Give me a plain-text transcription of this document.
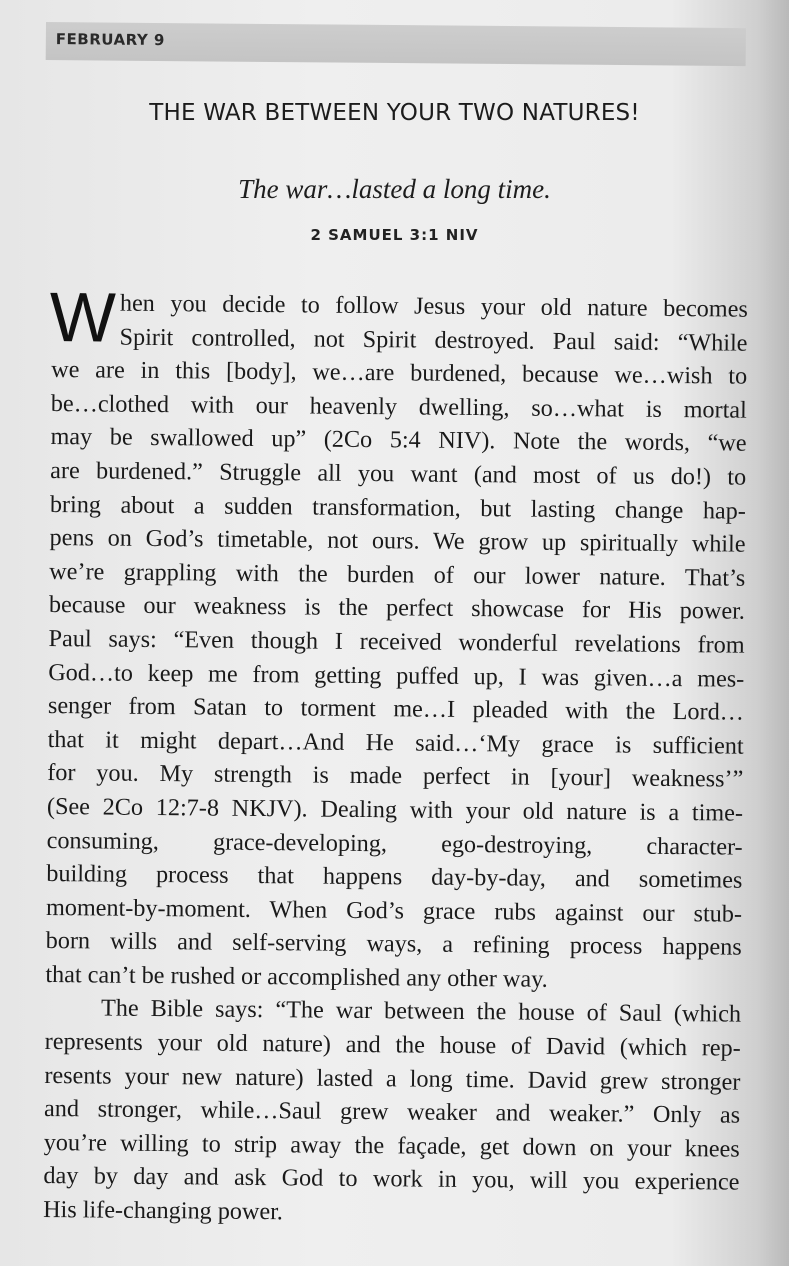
FEBRUARY 9
THE WAR BETWEEN YOUR TWO NATURES!
The war…lasted a long time.
2 SAMUEL 3:1 NIV
W hen you decide to follow Jesus your old nature becomes
Spirit controlled, not Spirit destroyed. Paul said: “While
we are in this [body], we…are burdened, because we…wish to
be…clothed with our heavenly dwelling, so…what is mortal
may be swallowed up” (2Co 5:4 NIV). Note the words, “we
are burdened.” Struggle all you want (and most of us do!) to
bring about a sudden transformation, but lasting change hap-
pens on God’s timetable, not ours. We grow up spiritually while
we’re grappling with the burden of our lower nature. That’s
because our weakness is the perfect showcase for His power.
Paul says: “Even though I received wonderful revelations from
God…to keep me from getting puffed up, I was given…a mes-
senger from Satan to torment me…I pleaded with the Lord…
that it might depart…And He said…‘My grace is sufficient
for you. My strength is made perfect in [your] weakness’”
(See 2Co 12:7-8 NKJV). Dealing with your old nature is a time-
consuming, grace-developing, ego-destroying, character-
building process that happens day-by-day, and sometimes
moment-by-moment. When God’s grace rubs against our stub-
born wills and self-serving ways, a refining process happens
that can’t be rushed or accomplished any other way.
The Bible says: “The war between the house of Saul (which
represents your old nature) and the house of David (which rep-
resents your new nature) lasted a long time. David grew stronger
and stronger, while…Saul grew weaker and weaker.” Only as
you’re willing to strip away the façade, get down on your knees
day by day and ask God to work in you, will you experience
His life-changing power.
